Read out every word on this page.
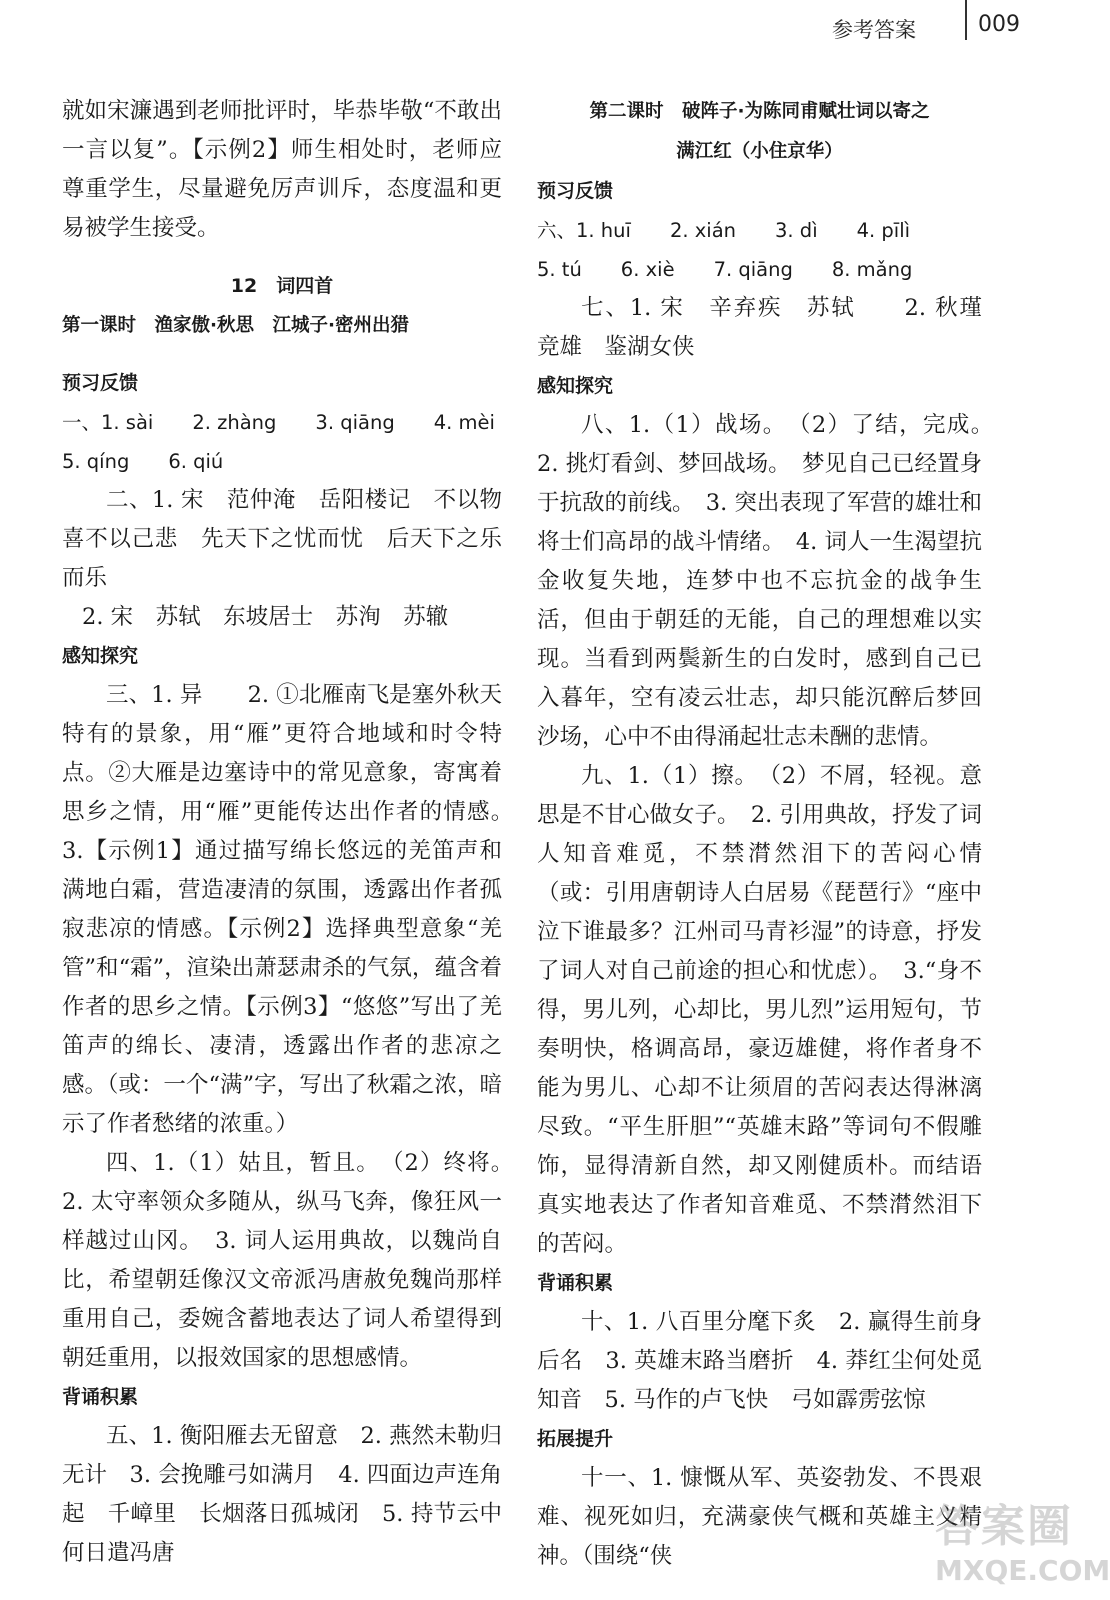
参考答案	009

就如宋濂遇到老师批评时，毕恭毕敬“不敢出一言以复”。【示例2】师生相处时，老师应尊重学生，尽量避免厉声训斥，态度温和更易被学生接受。

12　词四首

第一课时　渔家傲·秋思　江城子·密州出猎

预习反馈

一、1. sài　　2. zhàng　　3. qiāng　　4. mèi

5. qíng　　6. qiú

二、1. 宋　范仲淹　岳阳楼记　不以物喜不以己悲　先天下之忧而忧　后天下之乐而乐

2. 宋　苏轼　东坡居士　苏洵　苏辙

感知探究

三、1. 异　　2. ①北雁南飞是塞外秋天特有的景象，用“雁”更符合地域和时令特点。②大雁是边塞诗中的常见意象，寄寓着思乡之情，用“雁”更能传达出作者的情感。　3.【示例1】通过描写绵长悠远的羌笛声和满地白霜，营造凄清的氛围，透露出作者孤寂悲凉的情感。【示例2】选择典型意象“羌管”和“霜”，渲染出萧瑟肃杀的气氛，蕴含着作者的思乡之情。【示例3】“悠悠”写出了羌笛声的绵长、凄清，透露出作者的悲凉之感。（或：一个“满”字，写出了秋霜之浓，暗示了作者愁绪的浓重。）

四、1.（1）姑且，暂且。　（2）终将。　2. 太守率领众多随从，纵马飞奔，像狂风一样越过山冈。　3. 词人运用典故，以魏尚自比，希望朝廷像汉文帝派冯唐赦免魏尚那样重用自己，委婉含蓄地表达了词人希望得到朝廷重用，以报效国家的思想感情。

背诵积累

五、1. 衡阳雁去无留意　2. 燕然未勒归无计　3. 会挽雕弓如满月　4. 四面边声连角起　千嶂里　长烟落日孤城闭　5. 持节云中　何日遣冯唐

第二课时　破阵子·为陈同甫赋壮词以寄之

满江红（小住京华）

预习反馈

六、1. huī　　2. xián　　3. dì　　4. pīlì

5. tú　　6. xiè　　7. qiāng　　8. mǎng

七、1. 宋　辛弃疾　苏轼　　2. 秋瑾　竞雄　鉴湖女侠

感知探究

八、1.（1）战场。　（2）了结，完成。　2. 挑灯看剑、梦回战场。　梦见自己已经置身于抗敌的前线。　3. 突出表现了军营的雄壮和将士们高昂的战斗情绪。　4. 词人一生渴望抗金收复失地，连梦中也不忘抗金的战争生活，但由于朝廷的无能，自己的理想难以实现。当看到两鬓新生的白发时，感到自己已入暮年，空有凌云壮志，却只能沉醉后梦回沙场，心中不由得涌起壮志未酬的悲情。

九、1.（1）擦。　（2）不屑，轻视。意思是不甘心做女子。　2. 引用典故，抒发了词人知音难觅，不禁潸然泪下的苦闷心情（或：引用唐朝诗人白居易《琵琶行》“座中泣下谁最多？江州司马青衫湿”的诗意，抒发了词人对自己前途的担心和忧虑）。　3.“身不得，男儿列，心却比，男儿烈”运用短句，节奏明快，格调高昂，豪迈雄健，将作者身不能为男儿、心却不让须眉的苦闷表达得淋漓尽致。“平生肝胆”“英雄末路”等词句不假雕饰，显得清新自然，却又刚健质朴。而结语真实地表达了作者知音难觅、不禁潸然泪下的苦闷。

背诵积累

十、1. 八百里分麾下炙　2. 赢得生前身后名　3. 英雄末路当磨折　4. 莽红尘何处觅知音　5. 马作的卢飞快　弓如霹雳弦惊

拓展提升

十一、1. 慷慨从军、英姿勃发、不畏艰难、视死如归，充满豪侠气概和英雄主义精神。（围绕“侠

答案圈
MXQE.COM
